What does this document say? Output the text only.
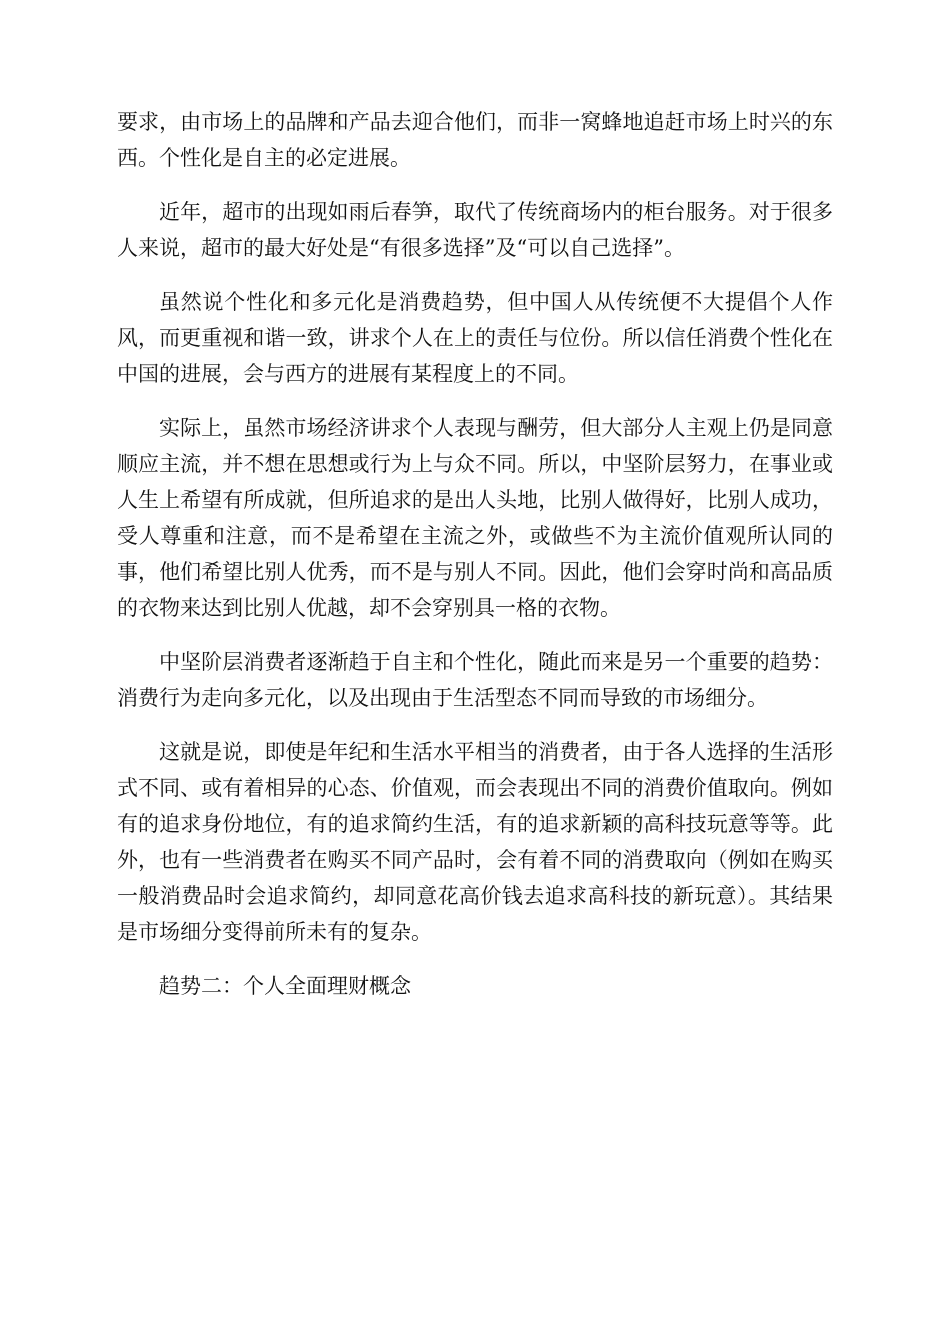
要求，由市场上的品牌和产品去迎合他们，而非一窝蜂地追赶市场上时兴的东西。个性化是自主的必定进展。

近年，超市的出现如雨后春笋，取代了传统商场内的柜台服务。对于很多人来说，超市的最大好处是“有很多选择”及“可以自己选择”。

虽然说个性化和多元化是消费趋势，但中国人从传统便不大提倡个人作风，而更重视和谐一致，讲求个人在上的责任与位份。所以信任消费个性化在中国的进展，会与西方的进展有某程度上的不同。

实际上，虽然市场经济讲求个人表现与酬劳，但大部分人主观上仍是同意顺应主流，并不想在思想或行为上与众不同。所以，中坚阶层努力，在事业或人生上希望有所成就，但所追求的是出人头地，比别人做得好，比别人成功，受人尊重和注意，而不是希望在主流之外，或做些不为主流价值观所认同的事，他们希望比别人优秀，而不是与别人不同。因此，他们会穿时尚和高品质的衣物来达到比别人优越，却不会穿别具一格的衣物。

中坚阶层消费者逐渐趋于自主和个性化，随此而来是另一个重要的趋势：消费行为走向多元化，以及出现由于生活型态不同而导致的市场细分。

这就是说，即使是年纪和生活水平相当的消费者，由于各人选择的生活形式不同、或有着相异的心态、价值观，而会表现出不同的消费价值取向。例如有的追求身份地位，有的追求简约生活，有的追求新颖的高科技玩意等等。此外，也有一些消费者在购买不同产品时，会有着不同的消费取向（例如在购买一般消费品时会追求简约，却同意花高价钱去追求高科技的新玩意）。其结果是市场细分变得前所未有的复杂。

趋势二：个人全面理财概念
